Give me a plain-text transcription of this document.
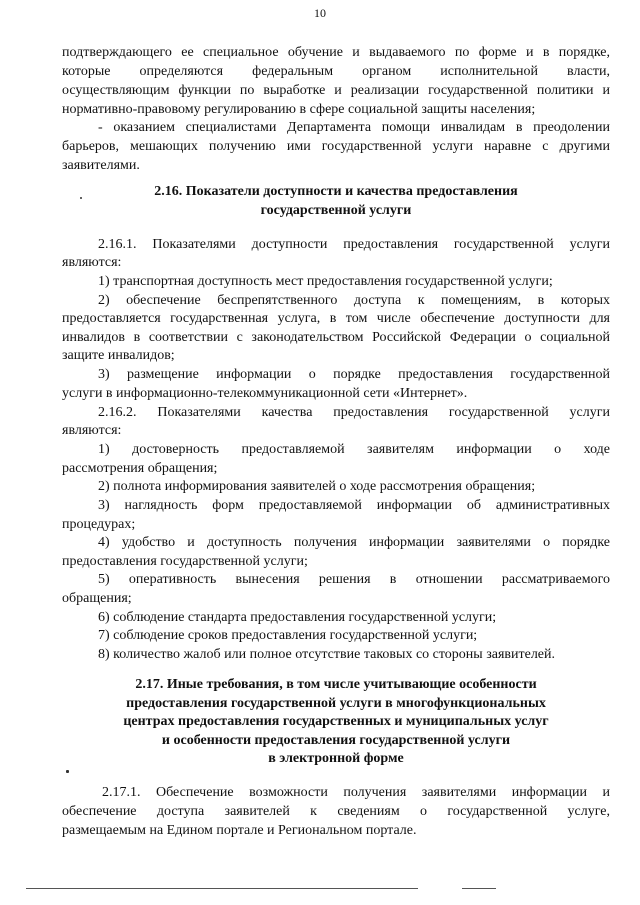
10

подтверждающего ее специальное обучение и выдаваемого по форме и в порядке,

которые определяются федеральным органом исполнительной власти,

осуществляющим функции по выработке и реализации государственной политики и

нормативно-правовому регулированию в сфере социальной защиты населения;

- оказанием специалистами Департамента помощи инвалидам в преодолении

барьеров, мешающих получению ими государственной услуги наравне с другими

заявителями.

2.16. Показатели доступности и качества предоставления
государственной услуги

2.16.1. Показателями доступности предоставления государственной услуги

являются:

1) транспортная доступность мест предоставления государственной услуги;

2) обеспечение беспрепятственного доступа к помещениям, в которых

предоставляется государственная услуга, в том числе обеспечение доступности для

инвалидов в соответствии с законодательством Российской Федерации о социальной

защите инвалидов;

3) размещение информации о порядке предоставления государственной

услуги в информационно-телекоммуникационной сети «Интернет».

2.16.2. Показателями качества предоставления государственной услуги

являются:

1) достоверность предоставляемой заявителям информации о ходе

рассмотрения обращения;

2) полнота информирования заявителей о ходе рассмотрения обращения;

3) наглядность форм предоставляемой информации об административных

процедурах;

4) удобство и доступность получения информации заявителями о порядке

предоставления государственной услуги;

5) оперативность вынесения решения в отношении рассматриваемого

обращения;

6) соблюдение стандарта предоставления государственной услуги;

7) соблюдение сроков предоставления государственной услуги;

8) количество жалоб или полное отсутствие таковых со стороны заявителей.

2.17. Иные требования, в том числе учитывающие особенности
предоставления государственной услуги в многофункциональных
центрах предоставления государственных и муниципальных услуг
и особенности предоставления государственной услуги
в электронной форме

2.17.1. Обеспечение возможности получения заявителями информации и

обеспечение доступа заявителей к сведениям о государственной услуге,

размещаемым на Едином портале и Региональном портале.
